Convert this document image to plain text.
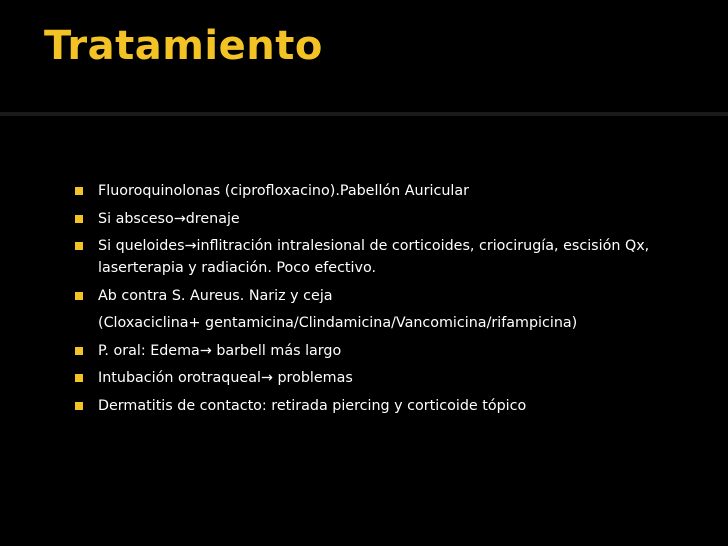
Tratamiento
Fluoroquinolonas (ciprofloxacino).Pabellón Auricular
Si absceso→drenaje
Si queloides→inflitración intralesional de corticoides, criocirugía, escisión Qx, laserterapia y radiación. Poco efectivo.
Ab contra S. Aureus. Nariz y ceja
(Cloxaciclina+ gentamicina/Clindamicina/Vancomicina/rifampicina)
P. oral: Edema→ barbell más largo
Intubación orotraqueal→ problemas
Dermatitis de contacto: retirada piercing y corticoide tópico
